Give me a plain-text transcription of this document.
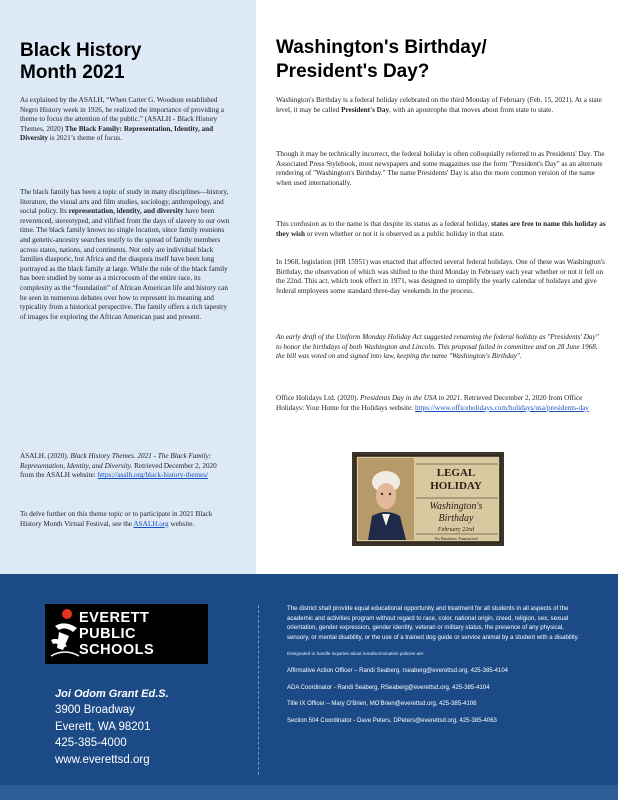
Black History
Month 2021

As explained by the ASALH, “When Carter G. Woodson established Negro History week in 1926, he realized the importance of providing a theme to focus the attention of the public.” (ASALH - Black History Themes, 2020) The Black Family: Representation, Identity, and Diversity is 2021’s theme of focus.

The black family has been a topic of study in many disciplines—history, literature, the visual arts and film studies, sociology, anthropology, and social policy. Its representation, identity, and diversity have been reverenced, stereotyped, and vilified from the days of slavery to our own time. The black family knows no single location, since family reunions and genetic-ancestry searches testify to the spread of family members across states, nations, and continents. Not only are individual black families diasporic, but Africa and the diaspora itself have been long portrayed as the black family at large. While the role of the black family has been studied by some as a microcosm of the entire race, its complexity as the “foundation” of African American life and history can be seen in numerous debates over how to represent its meaning and typicality from a historical perspective. The family offers a rich tapestry of images for exploring the African American past and present.

ASALH. (2020). Black History Themes. 2021 - The Black Family: Representation, Identity, and Diversity. Retrieved December 2, 2020 from the ASALH website: https://asalh.org/black-history-themes/

To delve further on this theme topic or to participate in 2021 Black History Month Virtual Festival, see the ASALH.org website.

Washington's Birthday/
President's Day?

Washington's Birthday is a federal holiday celebrated on the third Monday of February (Feb. 15, 2021). At a state level, it may be called President's Day, with an apostrophe that moves about from state to state.

Though it may be technically incorrect, the federal holiday is often colloquially referred to as Presidents' Day. The Associated Press Stylebook, most newspapers and some magazines use the form "President's Day" as an alternate rendering of "Washington's Birthday." The name Presidents' Day is also the more common version of the name when used internationally.

This confusion as to the name is that despite its status as a federal holiday, states are free to name this holiday as they wish or even whether or not it is observed as a public holiday in that state.

In 1968, legislation (HR 15951) was enacted that affected several federal holidays. One of these was Washington's Birthday, the observation of which was shifted to the third Monday in February each year whether or not it fell on the 22nd. This act, which took effect in 1971, was designed to simplify the yearly calendar of holidays and give federal employees some standard three-day weekends in the process.

An early draft of the Uniform Monday Holiday Act suggested renaming the federal holiday as "Presidents' Day" to honor the birthdays of both Washington and Lincoln. This proposal failed in committee and on 28 June 1968, the bill was voted on and signed into law, keeping the name "Washington's Birthday".

Office Holidays Ltd. (2020). Presidents Day in the USA in 2021. Retrieved December 2, 2020 from Office Holidays: Your Home for the Holidays website: https://www.officeholidays.com/holidays/usa/presidents-day

LEGAL
HOLIDAY
Washington's
Birthday
February 22nd
No Business Transacted
EVERETT
PUBLIC
SCHOOLS
Joi Odom Grant Ed.S.
3900 Broadway
Everett, WA 98201
425-385-4000
www.everettsd.org
The district shall provide equal educational opportunity and treatment for all students in all aspects of the academic and activities program without regard to race, color, national origin, creed, religion, sex, sexual orientation, gender expression, gender identity, veteran or military status, the presence of any physical, sensory, or mental disability, or the use of a trained dog guide or service animal by a student with a disability.
Designated to handle inquiries about nondiscrimination policies are:
Affirmative Action Officer – Randi Seaberg, rseaberg@everettsd.org, 425-385-4104
ADA Coordinator - Randi Seaberg, RSeaberg@everettsd.org, 425-385-4104
Title IX Officer – Mary O’Brien, MO’Brien@everettsd.org, 425-385-4106
Section 504 Coordinator - Dave Peters, DPeters@everettsd.org, 425-385-4063
